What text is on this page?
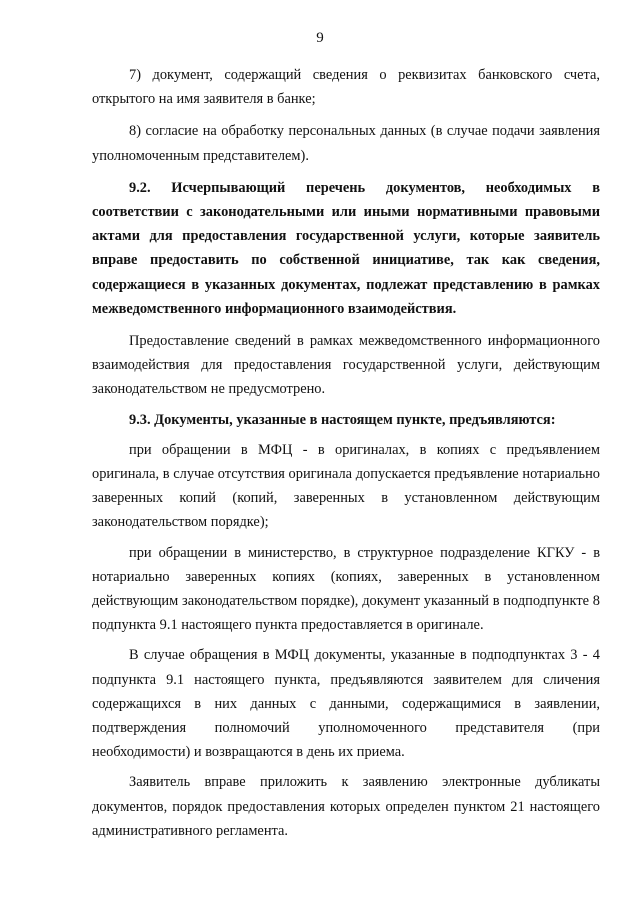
9

7) документ, содержащий сведения о реквизитах банковского счета, открытого на имя заявителя в банке;

8) согласие на обработку персональных данных (в случае подачи заявления уполномоченным представителем).

9.2. Исчерпывающий перечень документов, необходимых в соответствии с законодательными или иными нормативными правовыми актами для предоставления государственной услуги, которые заявитель вправе предоставить по собственной инициативе, так как сведения, содержащиеся в указанных документах, подлежат представлению в рамках межведомственного информационного взаимодействия.

Предоставление сведений в рамках межведомственного информационного взаимодействия для предоставления государственной услуги, действующим законодательством не предусмотрено.

9.3. Документы, указанные в настоящем пункте, предъявляются:

при обращении в МФЦ - в оригиналах, в копиях с предъявлением оригинала, в случае отсутствия оригинала допускается предъявление нотариально заверенных копий (копий, заверенных в установленном действующим законодательством порядке);

при обращении в министерство, в структурное подразделение КГКУ - в нотариально заверенных копиях (копиях, заверенных в установленном действующим законодательством порядке), документ указанный в подподпункте 8 подпункта 9.1 настоящего пункта предоставляется в оригинале.

В случае обращения в МФЦ документы, указанные в подподпунктах 3 - 4 подпункта 9.1 настоящего пункта, предъявляются заявителем для сличения содержащихся в них данных с данными, содержащимися в заявлении, подтверждения полномочий уполномоченного представителя (при необходимости) и возвращаются в день их приема.

Заявитель вправе приложить к заявлению электронные дубликаты документов, порядок предоставления которых определен пунктом 21 настоящего административного регламента.
